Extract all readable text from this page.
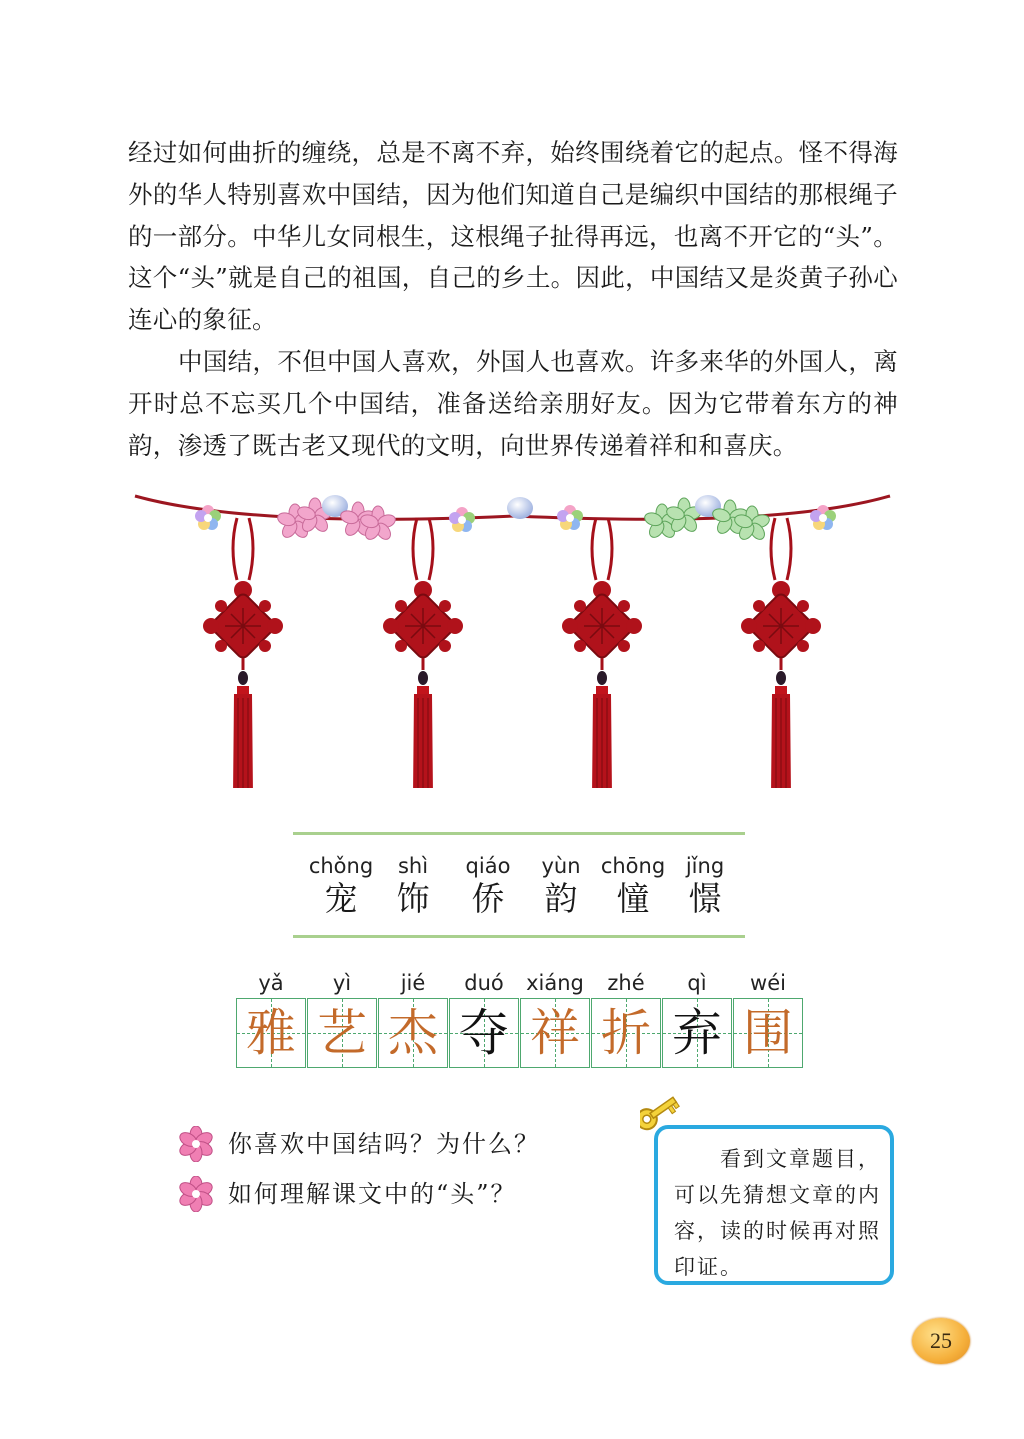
经过如何曲折的缠绕，总是不离不弃，始终围绕着它的起点。怪不得海外的华人特别喜欢中国结，因为他们知道自己是编织中国结的那根绳子的一部分。中华儿女同根生，这根绳子扯得再远，也离不开它的“头”。这个“头”就是自己的祖国，自己的乡土。因此，中国结又是炎黄子孙心连心的象征。

中国结，不但中国人喜欢，外国人也喜欢。许多来华的外国人，离开时总不忘买几个中国结，准备送给亲朋好友。因为它带着东方的神韵，渗透了既古老又现代的文明，向世界传递着祥和和喜庆。

chǒng
宠
shì
饰
qiáo
侨
yùn
韵
chōng
憧
jǐng
憬
yǎ
雅
yì
艺
jié
杰
duó
夺
xiáng
祥
zhé
折
qì
弃
wéi
围
你喜欢中国结吗？为什么？
如何理解课文中的“头”？
看到文章题目，可以先猜想文章的内容，读的时候再对照印证。
25
